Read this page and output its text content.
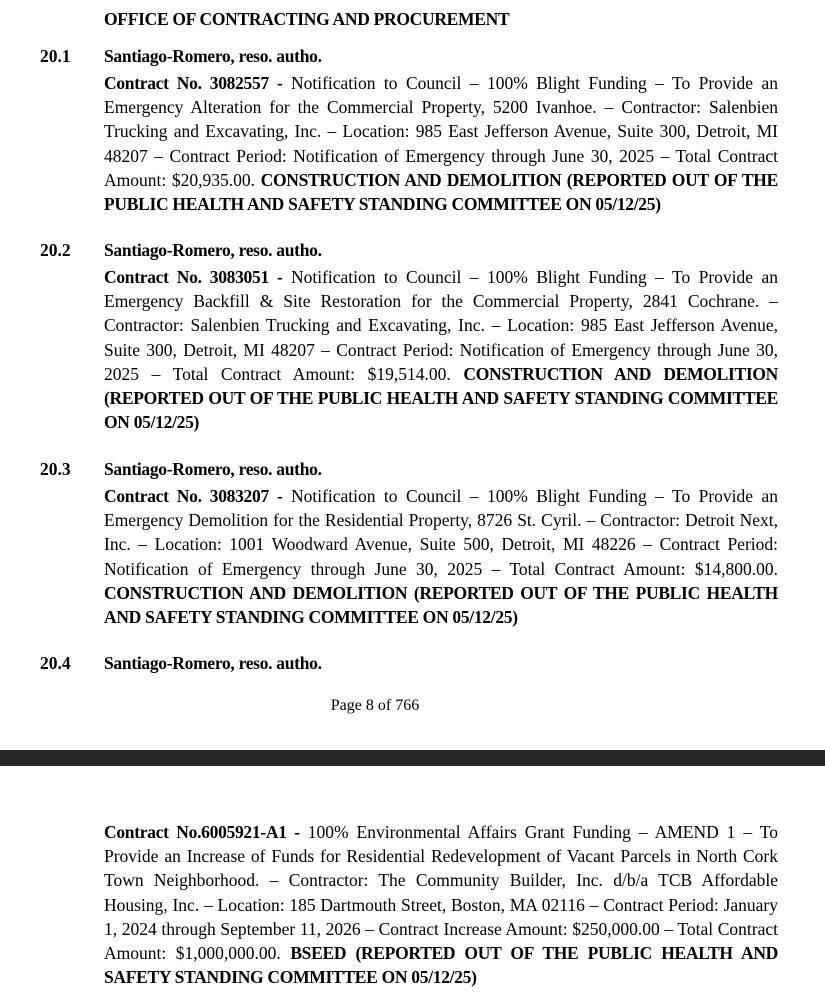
OFFICE OF CONTRACTING AND PROCUREMENT
20.1 Santiago-Romero, reso. autho.

Contract No. 3082557 - Notification to Council – 100% Blight Funding – To Provide an Emergency Alteration for the Commercial Property, 5200 Ivanhoe. – Contractor: Salenbien Trucking and Excavating, Inc. – Location: 985 East Jefferson Avenue, Suite 300, Detroit, MI 48207 – Contract Period: Notification of Emergency through June 30, 2025 – Total Contract Amount: $20,935.00. CONSTRUCTION AND DEMOLITION (REPORTED OUT OF THE PUBLIC HEALTH AND SAFETY STANDING COMMITTEE ON 05/12/25)

20.2 Santiago-Romero, reso. autho.

Contract No. 3083051 - Notification to Council – 100% Blight Funding – To Provide an Emergency Backfill & Site Restoration for the Commercial Property, 2841 Cochrane. – Contractor: Salenbien Trucking and Excavating, Inc. – Location: 985 East Jefferson Avenue, Suite 300, Detroit, MI 48207 – Contract Period: Notification of Emergency through June 30, 2025 – Total Contract Amount: $19,514.00. CONSTRUCTION AND DEMOLITION (REPORTED OUT OF THE PUBLIC HEALTH AND SAFETY STANDING COMMITTEE ON 05/12/25)

20.3 Santiago-Romero, reso. autho.

Contract No. 3083207 - Notification to Council – 100% Blight Funding – To Provide an Emergency Demolition for the Residential Property, 8726 St. Cyril. – Contractor: Detroit Next, Inc. – Location: 1001 Woodward Avenue, Suite 500, Detroit, MI 48226 – Contract Period: Notification of Emergency through June 30, 2025 – Total Contract Amount: $14,800.00. CONSTRUCTION AND DEMOLITION (REPORTED OUT OF THE PUBLIC HEALTH AND SAFETY STANDING COMMITTEE ON 05/12/25)

20.4 Santiago-Romero, reso. autho.
Page 8 of 766

Contract No.6005921-A1 - 100% Environmental Affairs Grant Funding – AMEND 1 – To Provide an Increase of Funds for Residential Redevelopment of Vacant Parcels in North Cork Town Neighborhood. – Contractor: The Community Builder, Inc. d/b/a TCB Affordable Housing, Inc. – Location: 185 Dartmouth Street, Boston, MA 02116 – Contract Period: January 1, 2024 through September 11, 2026 – Contract Increase Amount: $250,000.00 – Total Contract Amount: $1,000,000.00. BSEED (REPORTED OUT OF THE PUBLIC HEALTH AND SAFETY STANDING COMMITTEE ON 05/12/25)
